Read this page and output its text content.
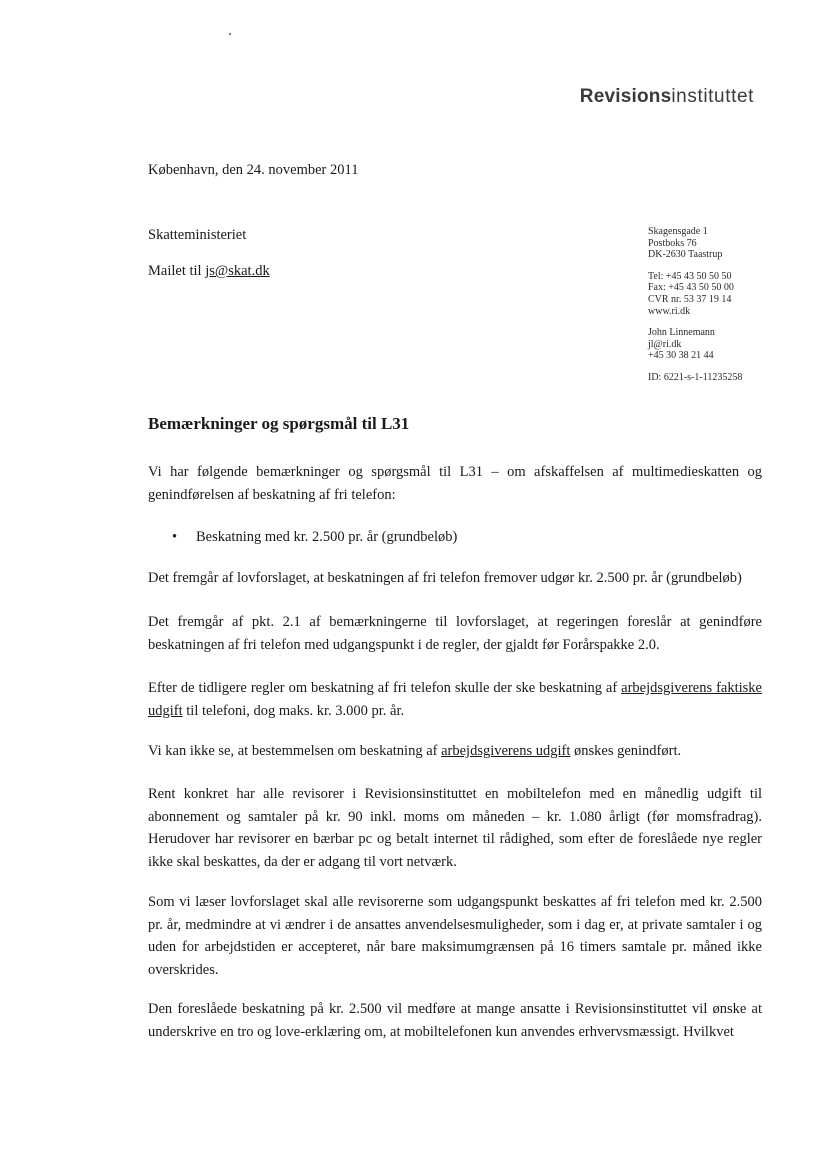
Revisionsinstituttet
København, den 24. november 2011
Skatteministeriet
Mailet til js@skat.dk
Skagensgade 1
Postboks 76
DK-2630 Taastrup
Tel: +45 43 50 50 50
Fax: +45 43 50 50 00
CVR nr. 53 37 19 14
www.ri.dk
John Linnemann
jl@ri.dk
+45 30 38 21 44
ID: 6221-s-1-11235258
Bemærkninger og spørgsmål til L31
Vi har følgende bemærkninger og spørgsmål til L31 – om afskaffelsen af multimedieskatten og genindførelsen af beskatning af fri telefon:
• Beskatning med kr. 2.500 pr. år (grundbeløb)
Det fremgår af lovforslaget, at beskatningen af fri telefon fremover udgør kr. 2.500 pr. år (grundbeløb)
Det fremgår af pkt. 2.1 af bemærkningerne til lovforslaget, at regeringen foreslår at genindføre beskatningen af fri telefon med udgangspunkt i de regler, der gjaldt før Forårspakke 2.0.
Efter de tidligere regler om beskatning af fri telefon skulle der ske beskatning af arbejdsgiverens faktiske udgift til telefoni, dog maks. kr. 3.000 pr. år.
Vi kan ikke se, at bestemmelsen om beskatning af arbejdsgiverens udgift ønskes genindført.
Rent konkret har alle revisorer i Revisionsinstituttet en mobiltelefon med en månedlig udgift til abonnement og samtaler på kr. 90 inkl. moms om måneden – kr. 1.080 årligt (før momsfradrag). Herudover har revisorer en bærbar pc og betalt internet til rådighed, som efter de foreslåede nye regler ikke skal beskattes, da der er adgang til vort netværk.
Som vi læser lovforslaget skal alle revisorerne som udgangspunkt beskattes af fri telefon med kr. 2.500 pr. år, medmindre at vi ændrer i de ansattes anvendelsesmuligheder, som i dag er, at private samtaler i og uden for arbejdstiden er accepteret, når bare maksimumgrænsen på 16 timers samtale pr. måned ikke overskrides.
Den foreslåede beskatning på kr. 2.500 vil medføre at mange ansatte i Revisionsinstituttet vil ønske at underskrive en tro og love-erklæring om, at mobiltelefonen kun anvendes erhvervsmæssigt. Hvilkvet
